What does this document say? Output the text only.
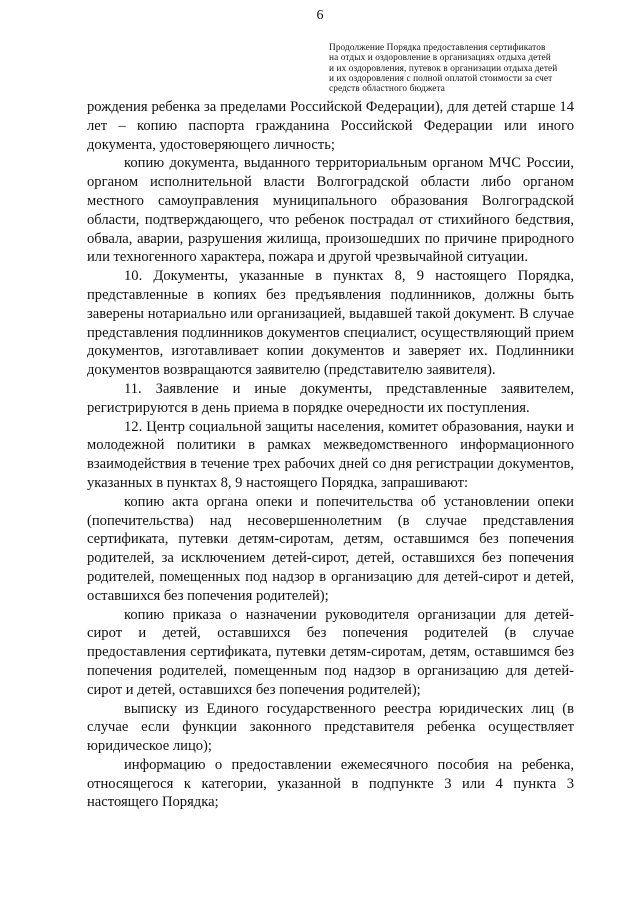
6
Продолжение Порядка предоставления сертификатов
на отдых и оздоровление в организациях отдыха детей
и их оздоровления, путевок в организации отдыха детей
и их оздоровления с полной оплатой стоимости за счет
средств областного бюджета

рождения ребенка за пределами Российской Федерации), для детей старше 14 лет – копию паспорта гражданина Российской Федерации или иного документа, удостоверяющего личность;

копию документа, выданного территориальным органом МЧС России, органом исполнительной власти Волгоградской области либо органом местного самоуправления муниципального образования Волгоградской области, подтверждающего, что ребенок пострадал от стихийного бедствия, обвала, аварии, разрушения жилища, произошедших по причине природного или техногенного характера, пожара и другой чрезвычайной ситуации.

10. Документы, указанные в пунктах 8, 9 настоящего Порядка, представленные в копиях без предъявления подлинников, должны быть заверены нотариально или организацией, выдавшей такой документ. В случае представления подлинников документов специалист, осуществляющий прием документов, изготавливает копии документов и заверяет их. Подлинники документов возвращаются заявителю (представителю заявителя).

11. Заявление и иные документы, представленные заявителем, регистрируются в день приема в порядке очередности их поступления.

12. Центр социальной защиты населения, комитет образования, науки и молодежной политики в рамках межведомственного информационного взаимодействия в течение трех рабочих дней со дня регистрации документов, указанных в пунктах 8, 9 настоящего Порядка, запрашивают:

копию акта органа опеки и попечительства об установлении опеки (попечительства) над несовершеннолетним (в случае представления сертификата, путевки детям-сиротам, детям, оставшимся без попечения родителей, за исключением детей-сирот, детей, оставшихся без попечения родителей, помещенных под надзор в организацию для детей-сирот и детей, оставшихся без попечения родителей);

копию приказа о назначении руководителя организации для детей-сирот и детей, оставшихся без попечения родителей (в случае предоставления сертификата, путевки детям-сиротам, детям, оставшимся без попечения родителей, помещенным под надзор в организацию для детей-сирот и детей, оставшихся без попечения родителей);

выписку из Единого государственного реестра юридических лиц (в случае если функции законного представителя ребенка осуществляет юридическое лицо);

информацию о предоставлении ежемесячного пособия на ребенка, относящегося к категории, указанной в подпункте 3 или 4 пункта 3 настоящего Порядка;
